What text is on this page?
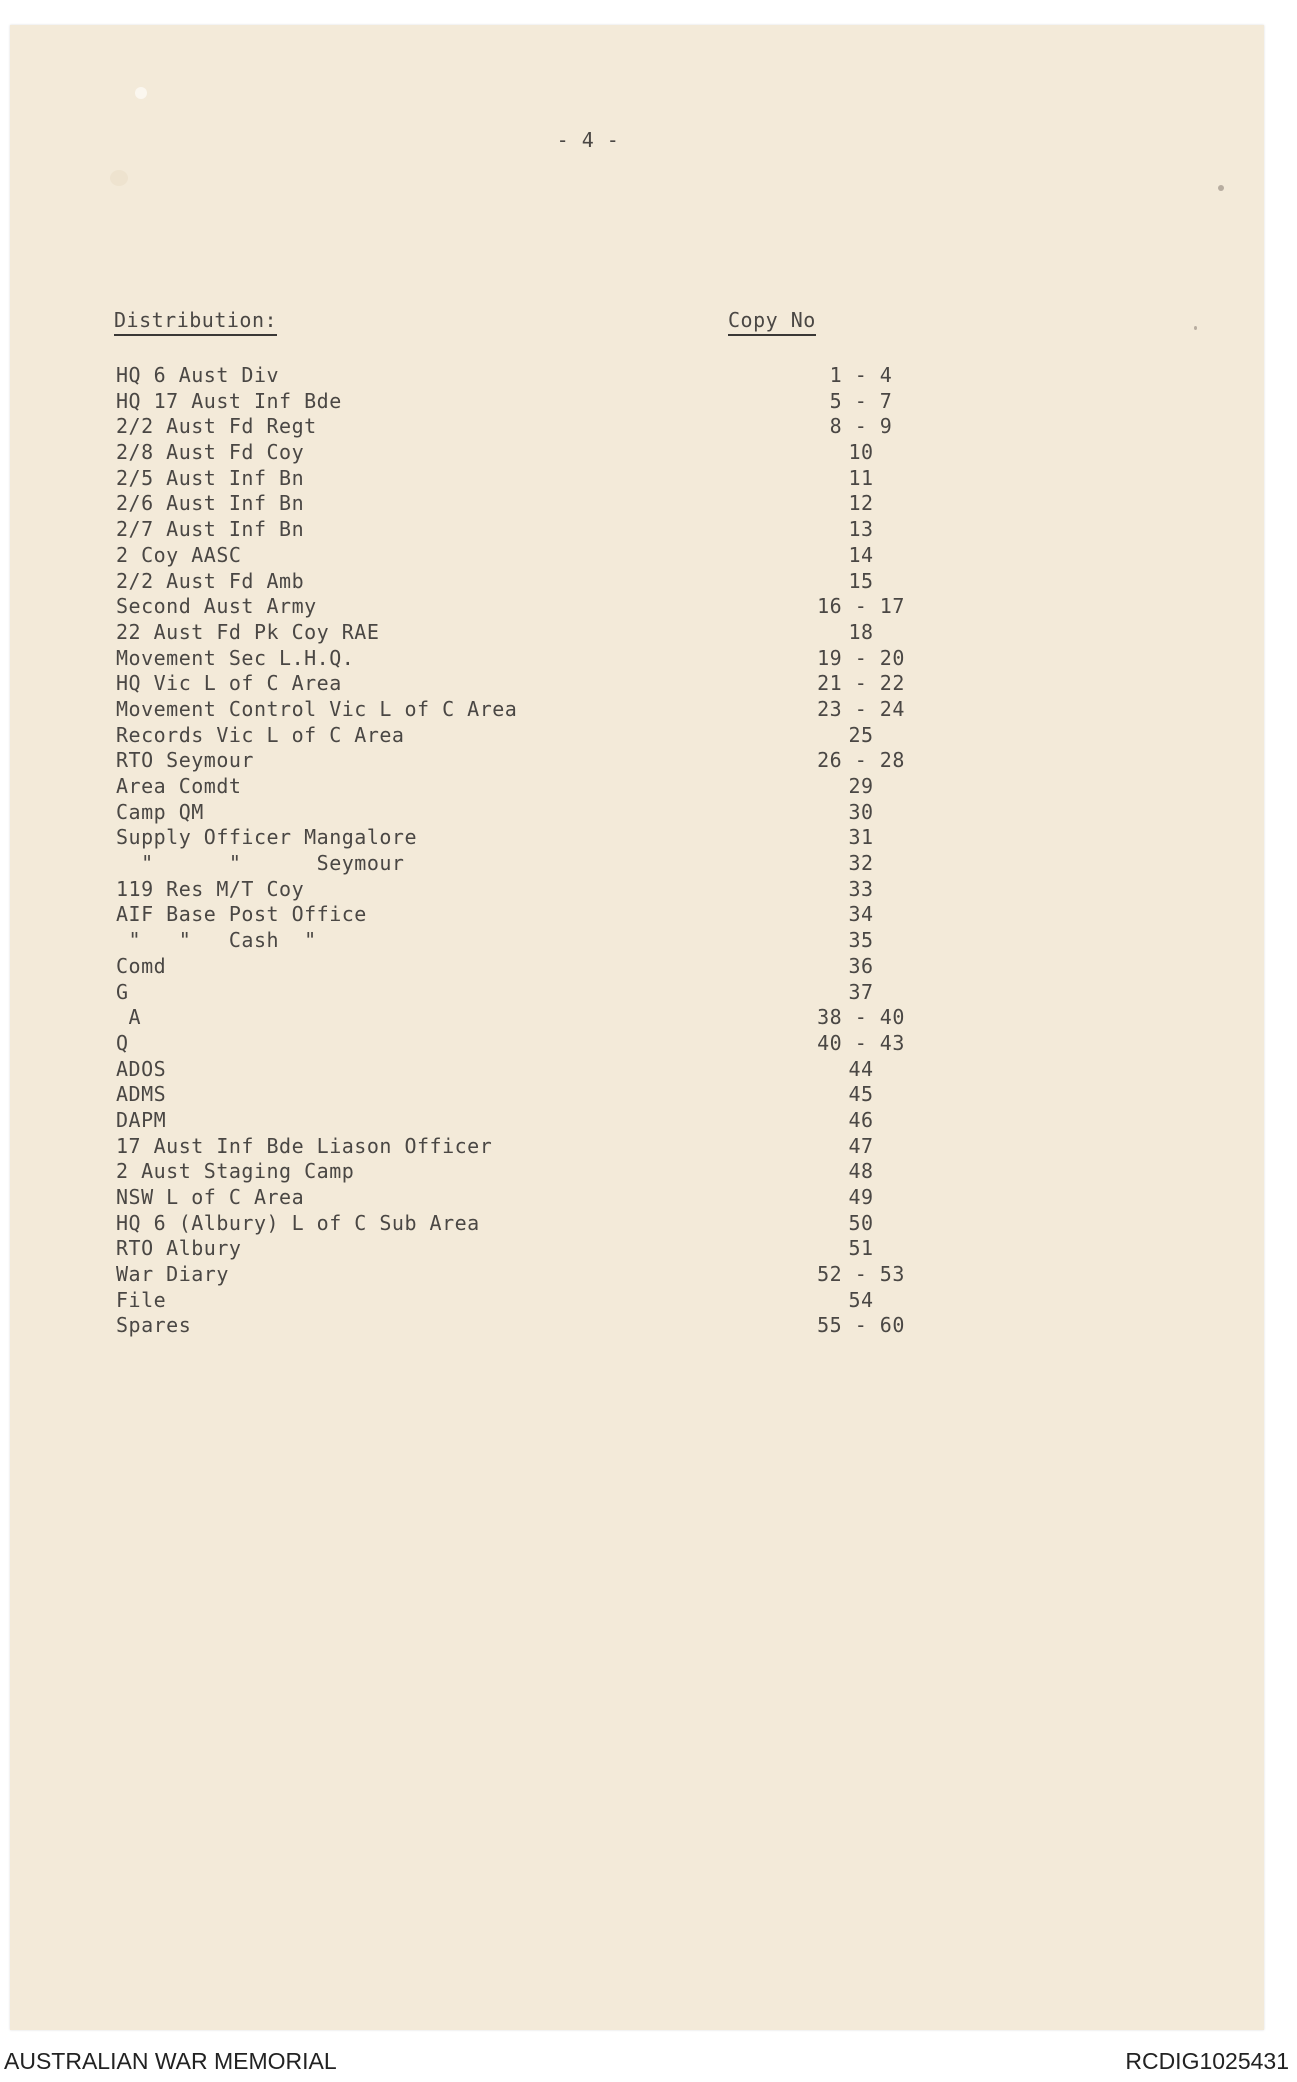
- 4 -
Distribution:	Copy No
HQ 6 Aust Div	1 - 4
HQ 17 Aust Inf Bde	5 - 7
2/2 Aust Fd Regt	8 - 9
2/8 Aust Fd Coy	10
2/5 Aust Inf Bn	11
2/6 Aust Inf Bn	12
2/7 Aust Inf Bn	13
2 Coy AASC	14
2/2 Aust Fd Amb	15
Second Aust Army	16 - 17
22 Aust Fd Pk Coy RAE	18
Movement Sec L.H.Q.	19 - 20
HQ Vic L of C Area	21 - 22
Movement Control Vic L of C Area	23 - 24
Records Vic L of C Area	25
RTO Seymour	26 - 28
Area Comdt	29
Camp QM	30
Supply Officer Mangalore	31
"      "      Seymour	32
119 Res M/T Coy	33
AIF Base Post Office	34
"   "   Cash  "	35
Comd	36
G	37
A	38 - 40
Q	40 - 43
ADOS	44
ADMS	45
DAPM	46
17 Aust Inf Bde Liason Officer	47
2 Aust Staging Camp	48
NSW L of C Area	49
HQ 6 (Albury) L of C Sub Area	50
RTO Albury	51
War Diary	52 - 53
File	54
Spares	55 - 60
AUSTRALIAN WAR MEMORIAL	RCDIG1025431
